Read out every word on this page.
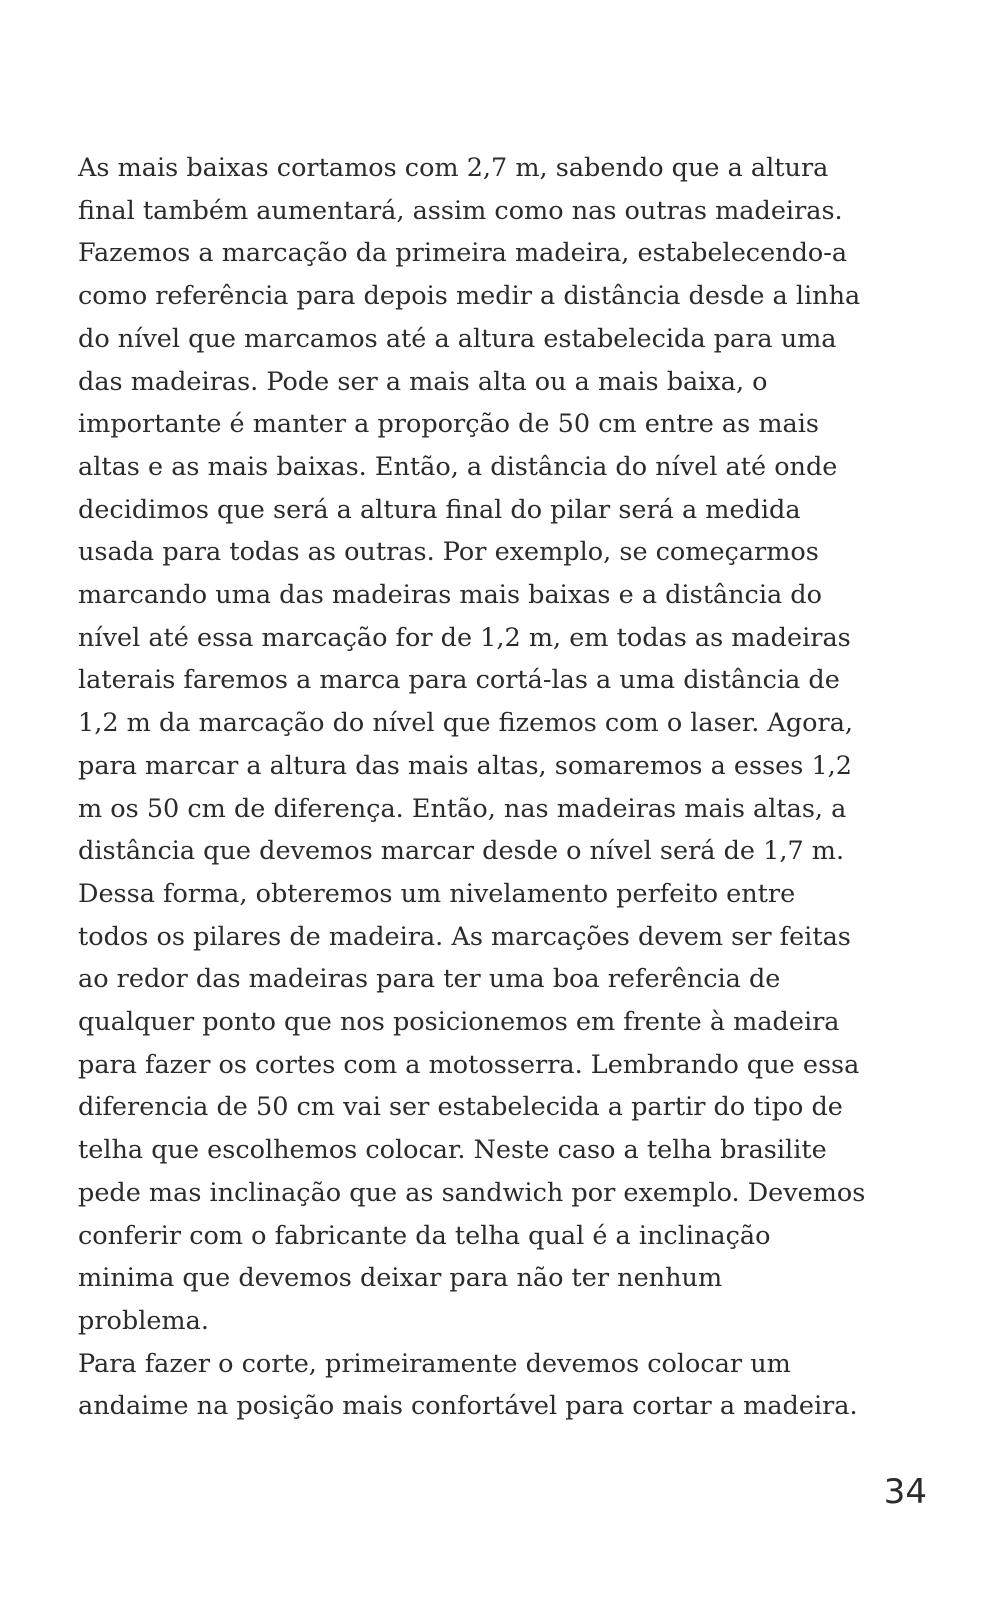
As mais baixas cortamos com 2,7 m, sabendo que a altura
final também aumentará, assim como nas outras madeiras.
Fazemos a marcação da primeira madeira, estabelecendo-a
como referência para depois medir a distância desde a linha
do nível que marcamos até a altura estabelecida para uma
das madeiras. Pode ser a mais alta ou a mais baixa, o
importante é manter a proporção de 50 cm entre as mais
altas e as mais baixas. Então, a distância do nível até onde
decidimos que será a altura final do pilar será a medida
usada para todas as outras. Por exemplo, se começarmos
marcando uma das madeiras mais baixas e a distância do
nível até essa marcação for de 1,2 m, em todas as madeiras
laterais faremos a marca para cortá-las a uma distância de
1,2 m da marcação do nível que fizemos com o laser. Agora,
para marcar a altura das mais altas, somaremos a esses 1,2
m os 50 cm de diferença. Então, nas madeiras mais altas, a
distância que devemos marcar desde o nível será de 1,7 m.
Dessa forma, obteremos um nivelamento perfeito entre
todos os pilares de madeira. As marcações devem ser feitas
ao redor das madeiras para ter uma boa referência de
qualquer ponto que nos posicionemos em frente à madeira
para fazer os cortes com a motosserra. Lembrando que essa
diferencia de 50 cm vai ser estabelecida a partir do tipo de
telha que escolhemos colocar. Neste caso a telha brasilite
pede mas inclinação que as sandwich por exemplo. Devemos
conferir com o fabricante da telha qual é a inclinação
minima que devemos deixar para não ter nenhum
problema.
Para fazer o corte, primeiramente devemos colocar um
andaime na posição mais confortável para cortar a madeira.
34
